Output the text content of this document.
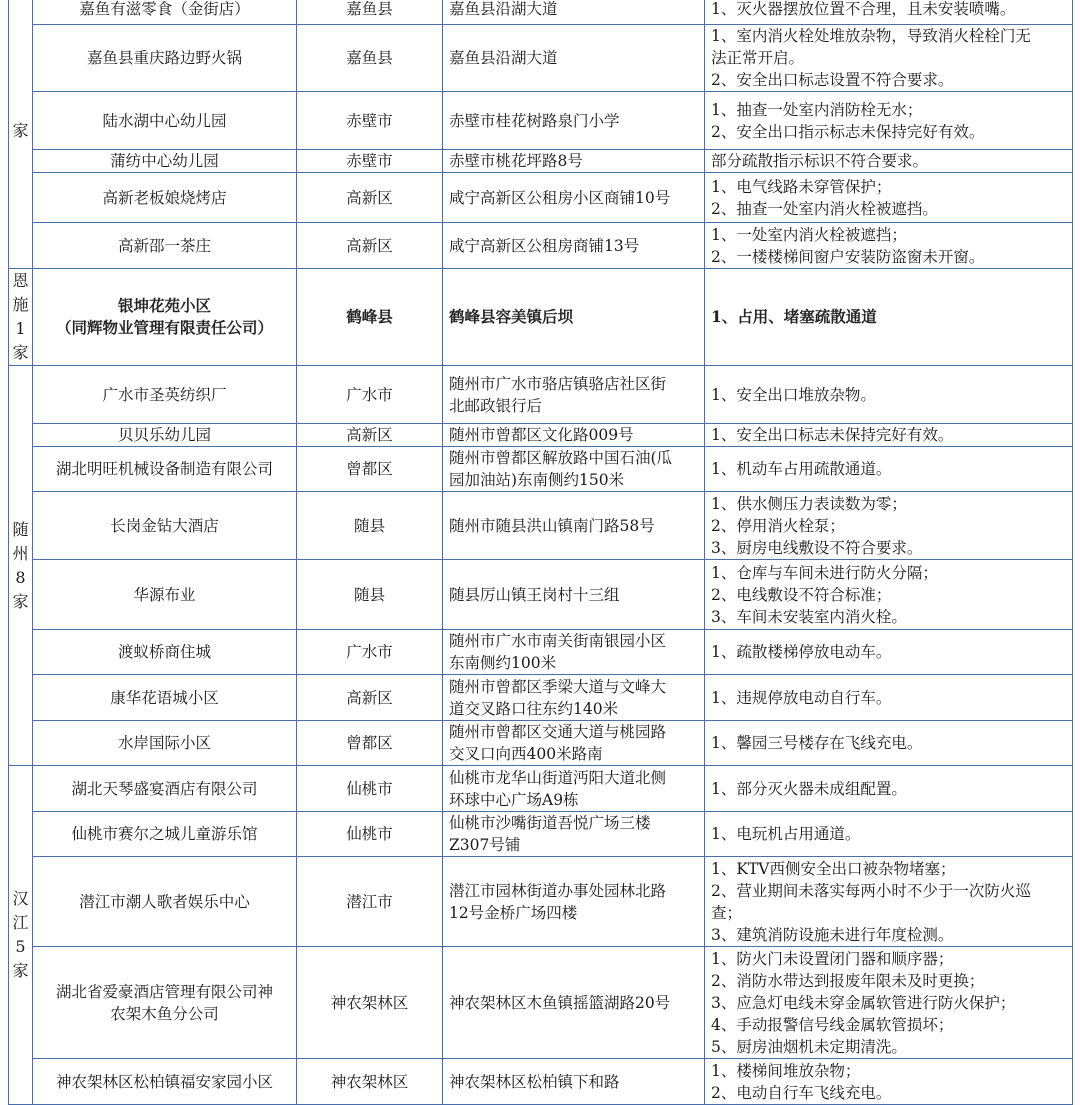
家	嘉鱼有滋零食（金街店）	嘉鱼县	嘉鱼县沿湖大道	1、灭火器摆放位置不合理，且未安装喷嘴。

	嘉鱼县重庆路边野火锅	嘉鱼县	嘉鱼县沿湖大道	1、室内消火栓处堆放杂物，导致消火栓栓门无
法正常开启。
2、安全出口标志设置不符合要求。

	陆水湖中心幼儿园	赤壁市	赤壁市桂花树路泉门小学	1、抽查一处室内消防栓无水；
2、安全出口指示标志未保持完好有效。

	蒲纺中心幼儿园	赤壁市	赤壁市桃花坪路8号	部分疏散指示标识不符合要求。

	高新老板娘烧烤店	高新区	咸宁高新区公租房小区商铺10号	1、电气线路未穿管保护；
2、抽查一处室内消火栓被遮挡。

	高新邵一茶庄	高新区	咸宁高新区公租房商铺13号	1、一处室内消火栓被遮挡；
2、一楼楼梯间窗户安装防盗窗未开窗。

恩施1家	银坤花苑小区
（同辉物业管理有限责任公司）	鹤峰县	鹤峰县容美镇后坝	1、占用、堵塞疏散通道

随州8家	广水市圣英纺织厂	广水市	随州市广水市骆店镇骆店社区街
北邮政银行后	1、安全出口堆放杂物。

	贝贝乐幼儿园	高新区	随州市曾都区文化路009号	1、安全出口标志未保持完好有效。

	湖北明旺机械设备制造有限公司	曾都区	随州市曾都区解放路中国石油(瓜
园加油站)东南侧约150米	1、机动车占用疏散通道。

	长岗金钻大酒店	随县	随州市随县洪山镇南门路58号	1、供水侧压力表读数为零；
2、停用消火栓泵；
3、厨房电线敷设不符合要求。

	华源布业	随县	随县厉山镇王岗村十三组	1、仓库与车间未进行防火分隔；
2、电线敷设不符合标准；
3、车间未安装室内消火栓。

	渡蚁桥商住城	广水市	随州市广水市南关街南银园小区
东南侧约100米	1、疏散楼梯停放电动车。

	康华花语城小区	高新区	随州市曾都区季梁大道与文峰大
道交叉路口往东约140米	1、违规停放电动自行车。

	水岸国际小区	曾都区	随州市曾都区交通大道与桃园路
交叉口向西400米路南	1、馨园三号楼存在飞线充电。

汉江5家	湖北天琴盛宴酒店有限公司	仙桃市	仙桃市龙华山街道沔阳大道北侧
环球中心广场A9栋	1、部分灭火器未成组配置。

	仙桃市赛尔之城儿童游乐馆	仙桃市	仙桃市沙嘴街道吾悦广场三楼
Z307号铺	1、电玩机占用通道。

	潜江市潮人歌者娱乐中心	潜江市	潜江市园林街道办事处园林北路
12号金桥广场四楼	1、KTV西侧安全出口被杂物堵塞；
2、营业期间未落实每两小时不少于一次防火巡
查；
3、建筑消防设施未进行年度检测。

	湖北省爱豪酒店管理有限公司神
农架木鱼分公司	神农架林区	神农架林区木鱼镇摇篮湖路20号	1、防火门未设置闭门器和顺序器；
2、消防水带达到报废年限未及时更换；
3、应急灯电线未穿金属软管进行防火保护；
4、手动报警信号线金属软管损坏；
5、厨房油烟机未定期清洗。

	神农架林区松柏镇福安家园小区	神农架林区	神农架林区松柏镇下和路	1、楼梯间堆放杂物；
2、电动自行车飞线充电。
